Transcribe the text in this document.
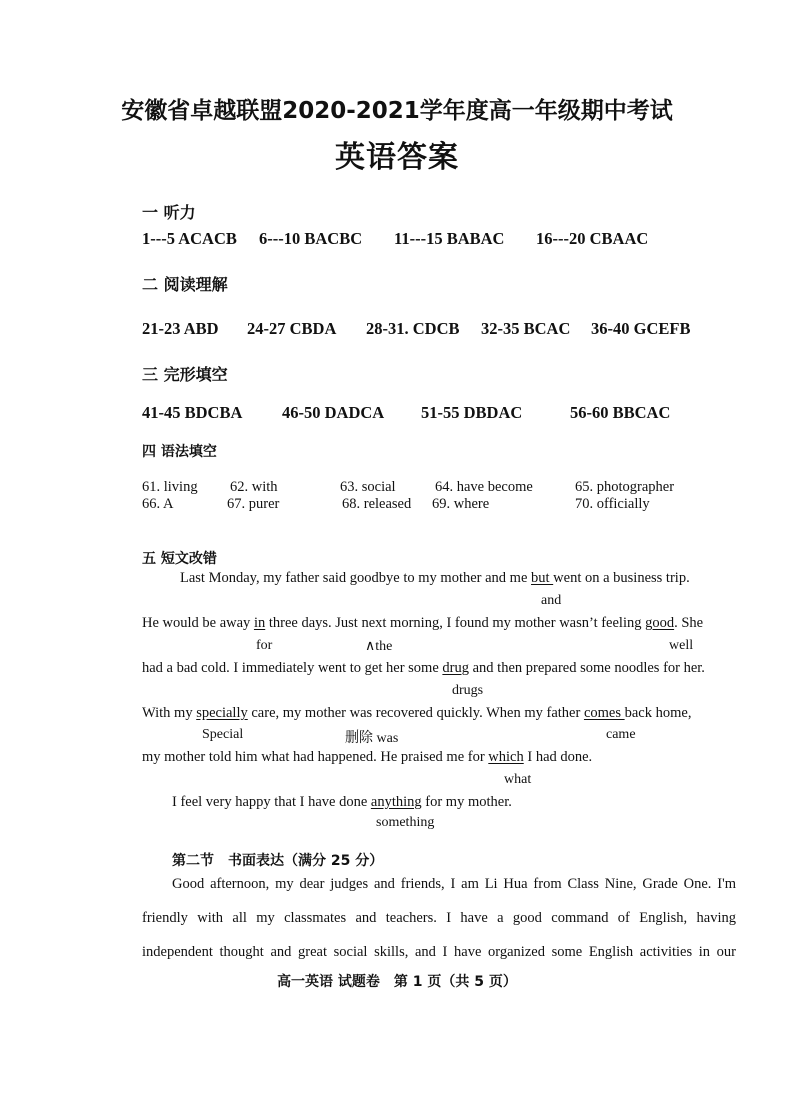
安徽省卓越联盟2020-2021学年度高一年级期中考试
英语答案
一 听力
1---5 ACACB 6---10 BACBC 11---15 BABAC 16---20 CBAAC
二 阅读理解
21-23 ABD 24-27 CBDA 28-31. CDCB 32-35 BCAC 36-40 GCEFB
三 完形填空
41-45 BDCBA 46-50 DADCA 51-55 DBDAC	56-60 BBCAC
四 语法填空
61. living 62. with	63. social	64. have become	65. photographer
66. A	67. purer	68. released 69. where	70. officially
五 短文改错
Last Monday, my father said goodbye to my mother and me but went on a business trip.
and
He would be away in three days. Just next morning, I found my mother wasn’t feeling good. She
for	∧the	well
had a bad cold. I immediately went to get her some drug and then prepared some noodles for her.
drugs
With my specially care, my mother was recovered quickly. When my father comes back home,
Special	删除 was	came
my mother told him what had happened. He praised me for which I had done.
what
I feel very happy that I have done anything for my mother.
something
第二节　书面表达（满分 25 分）
Good afternoon, my dear judges and friends, I am Li Hua from Class Nine, Grade One. I'm
friendly with all my classmates and teachers. I have a good command of English, having
independent thought and great social skills, and I have organized some English activities in our
高一英语 试题卷　第 1 页（共 5 页）
